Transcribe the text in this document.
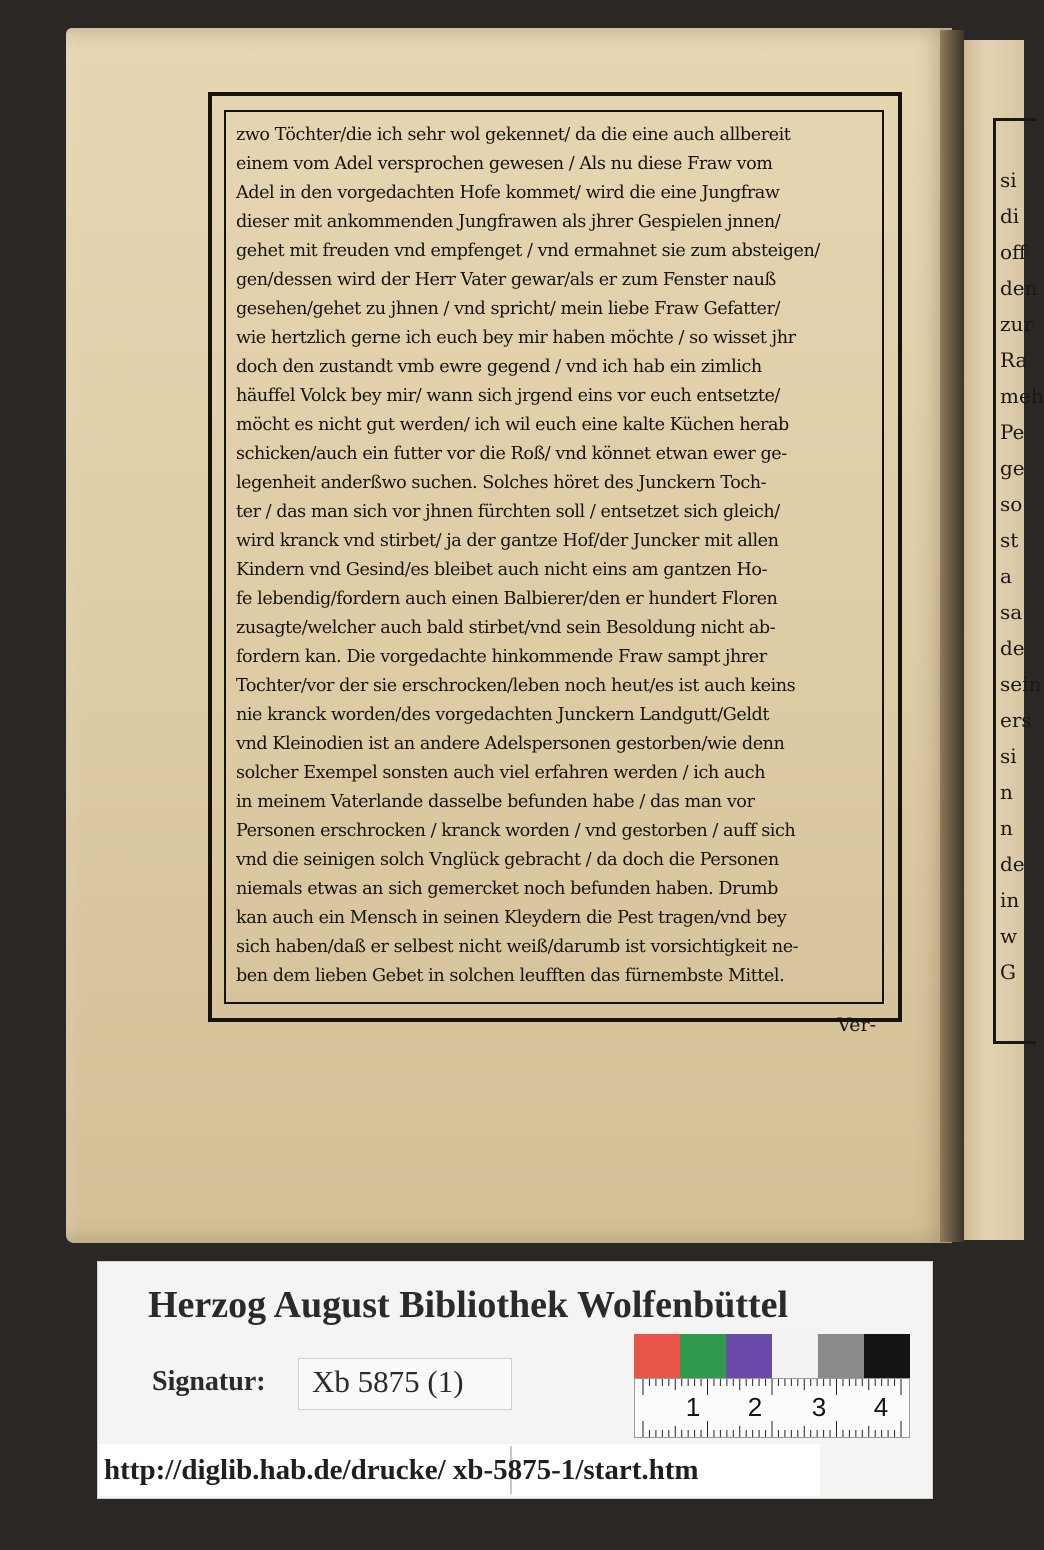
si
di
off
den
zur
Ra
meh
Pe
ge
so
st
a
sa
de
sein
ers
si
n
n
de
in
w
G
zwo Töchter/die ich sehr wol gekennet/ da die eine auch allbereit
einem vom Adel versprochen gewesen / Als nu diese Fraw vom
Adel in den vorgedachten Hofe kommet/ wird die eine Jungfraw
dieser mit ankommenden Jungfrawen als jhrer Gespielen jnnen/
gehet mit freuden vnd empfenget / vnd ermahnet sie zum absteigen/
gen/dessen wird der Herr Vater gewar/als er zum Fenster nauß
gesehen/gehet zu jhnen / vnd spricht/ mein liebe Fraw Gefatter/
wie hertzlich gerne ich euch bey mir haben möchte / so wisset jhr
doch den zustandt vmb ewre gegend / vnd ich hab ein zimlich
häuffel Volck bey mir/ wann sich jrgend eins vor euch entsetzte/
möcht es nicht gut werden/ ich wil euch eine kalte Küchen herab
schicken/auch ein futter vor die Roß/ vnd könnet etwan ewer ge-
legenheit anderßwo suchen. Solches höret des Junckern Toch-
ter / das man sich vor jhnen fürchten soll / entsetzet sich gleich/
wird kranck vnd stirbet/ ja der gantze Hof/der Juncker mit allen
Kindern vnd Gesind/es bleibet auch nicht eins am gantzen Ho-
fe lebendig/fordern auch einen Balbierer/den er hundert Floren
zusagte/welcher auch bald stirbet/vnd sein Besoldung nicht ab-
fordern kan. Die vorgedachte hinkommende Fraw sampt jhrer
Tochter/vor der sie erschrocken/leben noch heut/es ist auch keins
nie kranck worden/des vorgedachten Junckern Landgutt/Geldt
vnd Kleinodien ist an andere Adelspersonen gestorben/wie denn
solcher Exempel sonsten auch viel erfahren werden / ich auch
in meinem Vaterlande dasselbe befunden habe / das man vor
Personen erschrocken / kranck worden / vnd gestorben / auff sich
vnd die seinigen solch Vnglück gebracht / da doch die Personen
niemals etwas an sich gemercket noch befunden haben. Drumb
kan auch ein Mensch in seinen Kleydern die Pest tragen/vnd bey
sich haben/daß er selbest nicht weiß/darumb ist vorsichtigkeit ne-
ben dem lieben Gebet in solchen leufften das fürnembste Mittel.
Ver-
Herzog August Bibliothek Wolfenbüttel
Signatur:	Xb 5875 (1)
1 2 3 4
http://diglib.hab.de/drucke/ xb-5875-1/start.htm
